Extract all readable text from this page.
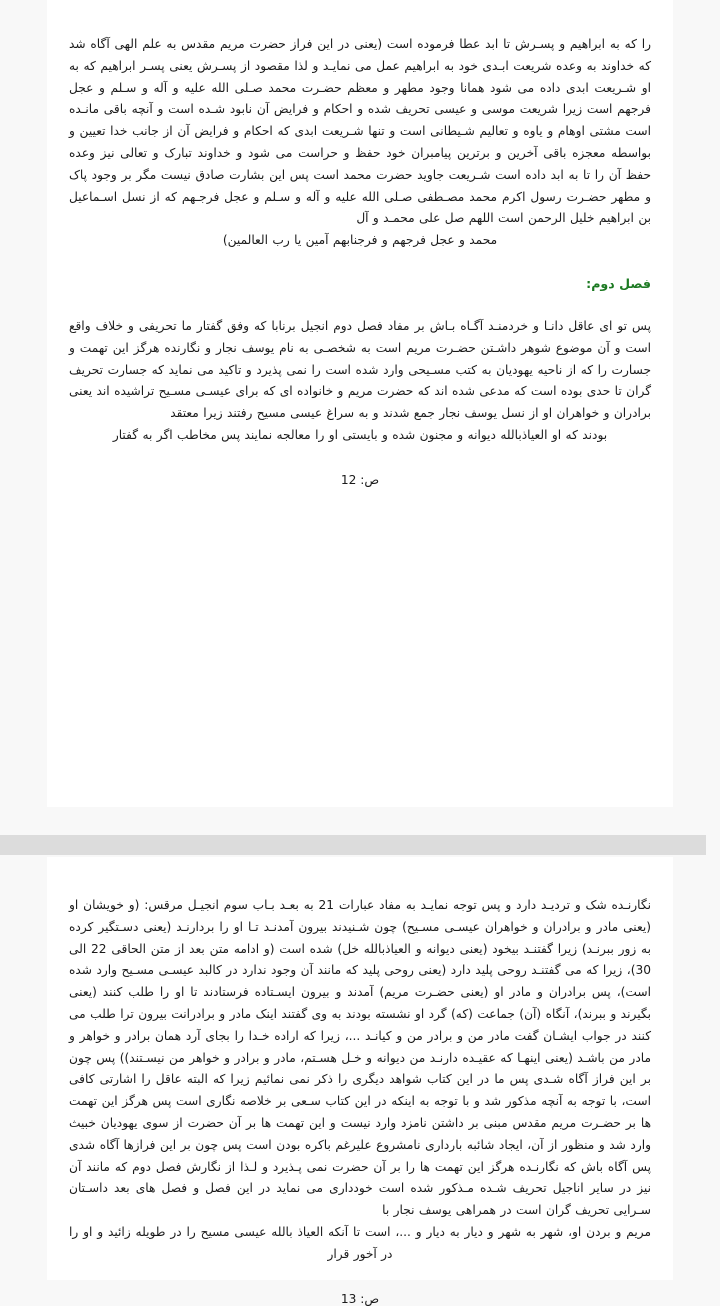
را که به ابراهیم و پسـرش تا ابد عطا فرموده است (یعنی در این فراز حضرت مریم مقدس به علم الهی آگاه شد که خداوند به وعده شریعت ابـدی خود به ابراهیم عمل می نمایـد و لذا مقصود از پسـرش یعنی پسـر ابراهیم که به او شـریعت ابدی داده می شود همانا وجود مطهر و معظم حضـرت محمد صـلی الله علیه و آله و سـلم و عجل فرجهم است زیرا شریعت موسی و عیسی تحریف شده و احکام و فرایض آن نابود شـده است و آنچه باقی مانـده است مشتی اوهام و یاوه و تعالیم شـیطانی است و تنها شـریعت ابدی که احکام و فرایض آن از جانب خدا تعیین و بواسطه معجزه باقی آخرین و برترین پیامبران خود حفظ و حراست می شود و خداوند تبارک و تعالی نیز وعده حفظ آن را تا به ابد داده است شـریعت جاوید حضرت محمد است پس این بشارت صادق نیست مگر بر وجود پاک و مطهر حضـرت رسول اکرم محمد مصـطفی صـلی الله علیه و آله و سـلم و عجل فرجـهم که از نسل اسـماعیل بن ابراهیم خلیل الرحمن است اللهم صل علی محمـد و آل

محمد و عجل فرجهم و فرجنابهم آمین یا رب العالمین)

فصل دوم:

پس تو ای عاقل دانـا و خردمنـد آگـاه بـاش بر مفاد فصل دوم انجیل برنابا که وفق گفتار ما تحریفی و خلاف واقع است و آن موضوع شوهر داشـتن حضـرت مریم است به شخصـی به نام یوسف نجار و نگارنده هرگز این تهمت و جسارت را که از ناحیه یهودیان به کتب مسـیحی وارد شده است را نمی پذیرد و تاکید می نماید که جسارت تحریف گران تا حدی بوده است که مدعی شده اند که حضرت مریم و خانواده ای که برای عیسـی مسـیح تراشیده اند یعنی برادران و خواهران او از نسل یوسف نجار جمع شدند و به سراغ عیسی مسیح رفتند زیرا معتقد

بودند که او العیاذبالله دیوانه و مجنون شده و بایستی او را معالجه نمایند پس مخاطب اگر به گفتار

ص: 12

نگارنـده شک و تردیـد دارد و پس توجه نمایـد به مفاد عبارات 21 به بعـد بـاب سوم انجیـل مرقس: (و خویشان او (یعنی مادر و برادران و خواهران عیسـی مسـیح) چون شـنیدند بیرون آمدنـد تـا او را بردارنـد (یعنی دسـتگیر کرده به زور ببرنـد) زیرا گفتنـد بیخود (یعنی دیوانه و العیاذبالله خل) شده است (و ادامه متن بعد از متن الحاقی 22 الی 30)، زیرا که می گفتنـد روحی پلید دارد (یعنی روحی پلید که مانند آن وجود ندارد در کالبد عیسـی مسـیح وارد شده است)، پس برادران و مادر او (یعنی حضـرت مریم) آمدند و بیرون ایسـتاده فرستادند تا او را طلب کنند (یعنی بگیرند و ببرند)، آنگاه (آن) جماعت (که) گرد او نشسته بودند به وی گفتند اینک مادر و برادرانت بیرون ترا طلب می کنند در جواب ایشـان گفت مادر من و برادر من و کیانـد ...، زیرا که اراده خـدا را بجای آرد همان برادر و خواهر و مادر من باشـد (یعنی اینهـا که عقیـده دارنـد من دیوانه و خـل هسـتم، مادر و برادر و خواهر من نیسـتند)) پس چون بر این فراز آگاه شـدی پس ما در این کتاب شواهد دیگری را ذکر نمی نمائیم زیرا که البته عاقل را اشارتی کافی است، با توجه به آنچه مذکور شد و با توجه به اینکه در این کتاب سـعی بر خلاصه نگاری است پس هرگز این تهمت ها بر حضـرت مریم مقدس مبنی بر داشتن نامزد وارد نیست و این تهمت ها بر آن حضرت از سوی یهودیان خبیث وارد شد و منظور از آن، ایجاد شائبه بارداری نامشروع علیرغم باکره بودن است پس چون بر این فرازها آگاه شدی پس آگاه باش که نگارنـده هرگز این تهمت ها را بر آن حضرت نمی پـذیرد و لـذا از نگارش فصل دوم که مانند آن نیز در سایر اناجیل تحریف شـده مـذکور شده است خودداری می نماید در این فصل و فصل های بعد داسـتان سـرایی تحریف گران است در همراهی یوسف نجار با

مریم و بردن او، شهر به شهر و دیار به دیار و ...، است تا آنکه العیاذ بالله عیسی مسیح را در طویله زائید و او را در آخور قرار

ص: 13
